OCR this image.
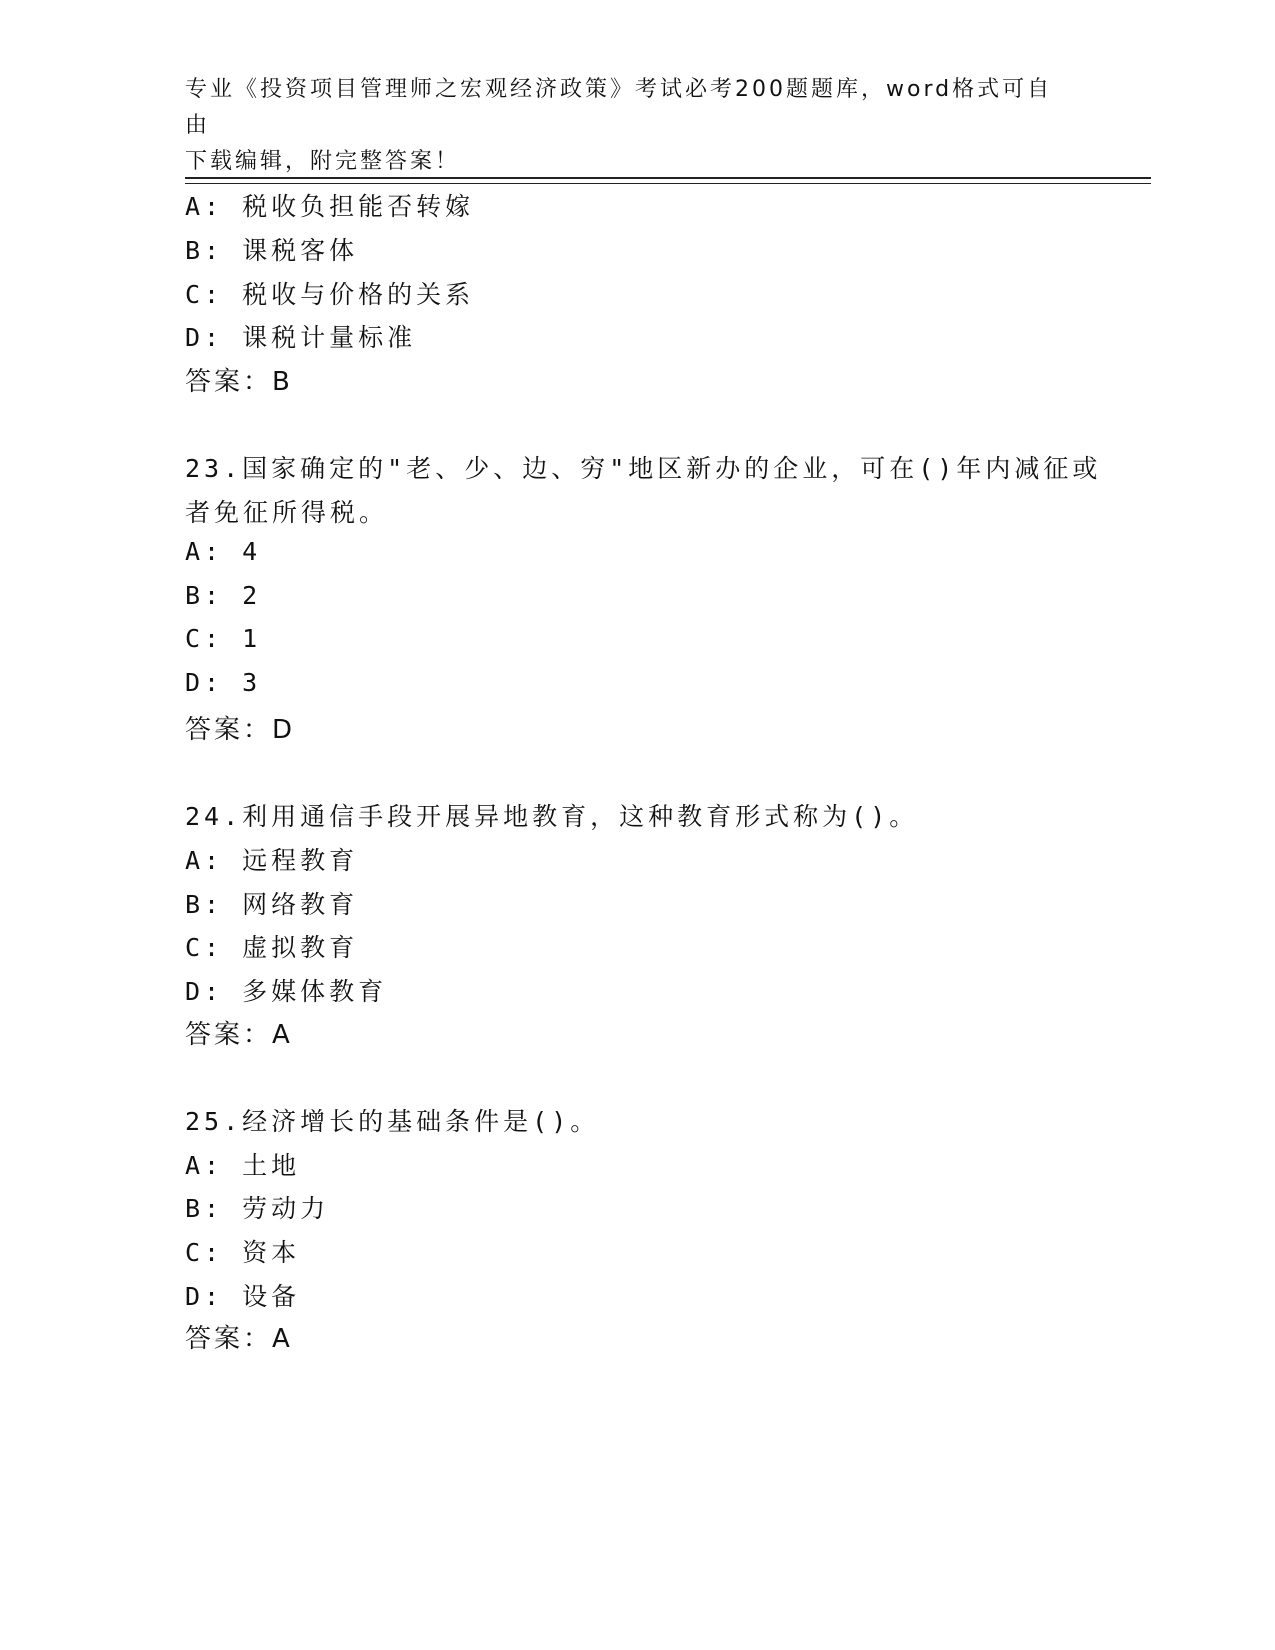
专业《投资项目管理师之宏观经济政策》考试必考200题题库，word格式可自由
下载编辑，附完整答案！
A: 税收负担能否转嫁
B: 课税客体
C: 税收与价格的关系
D: 课税计量标准
答案：B
23.国家确定的"老、少、边、穷"地区新办的企业，可在()年内减征或
者免征所得税。
A: 4
B: 2
C: 1
D: 3
答案：D
24.利用通信手段开展异地教育，这种教育形式称为()。
A: 远程教育
B: 网络教育
C: 虚拟教育
D: 多媒体教育
答案：A
25.经济增长的基础条件是()。
A: 土地
B: 劳动力
C: 资本
D: 设备
答案：A
